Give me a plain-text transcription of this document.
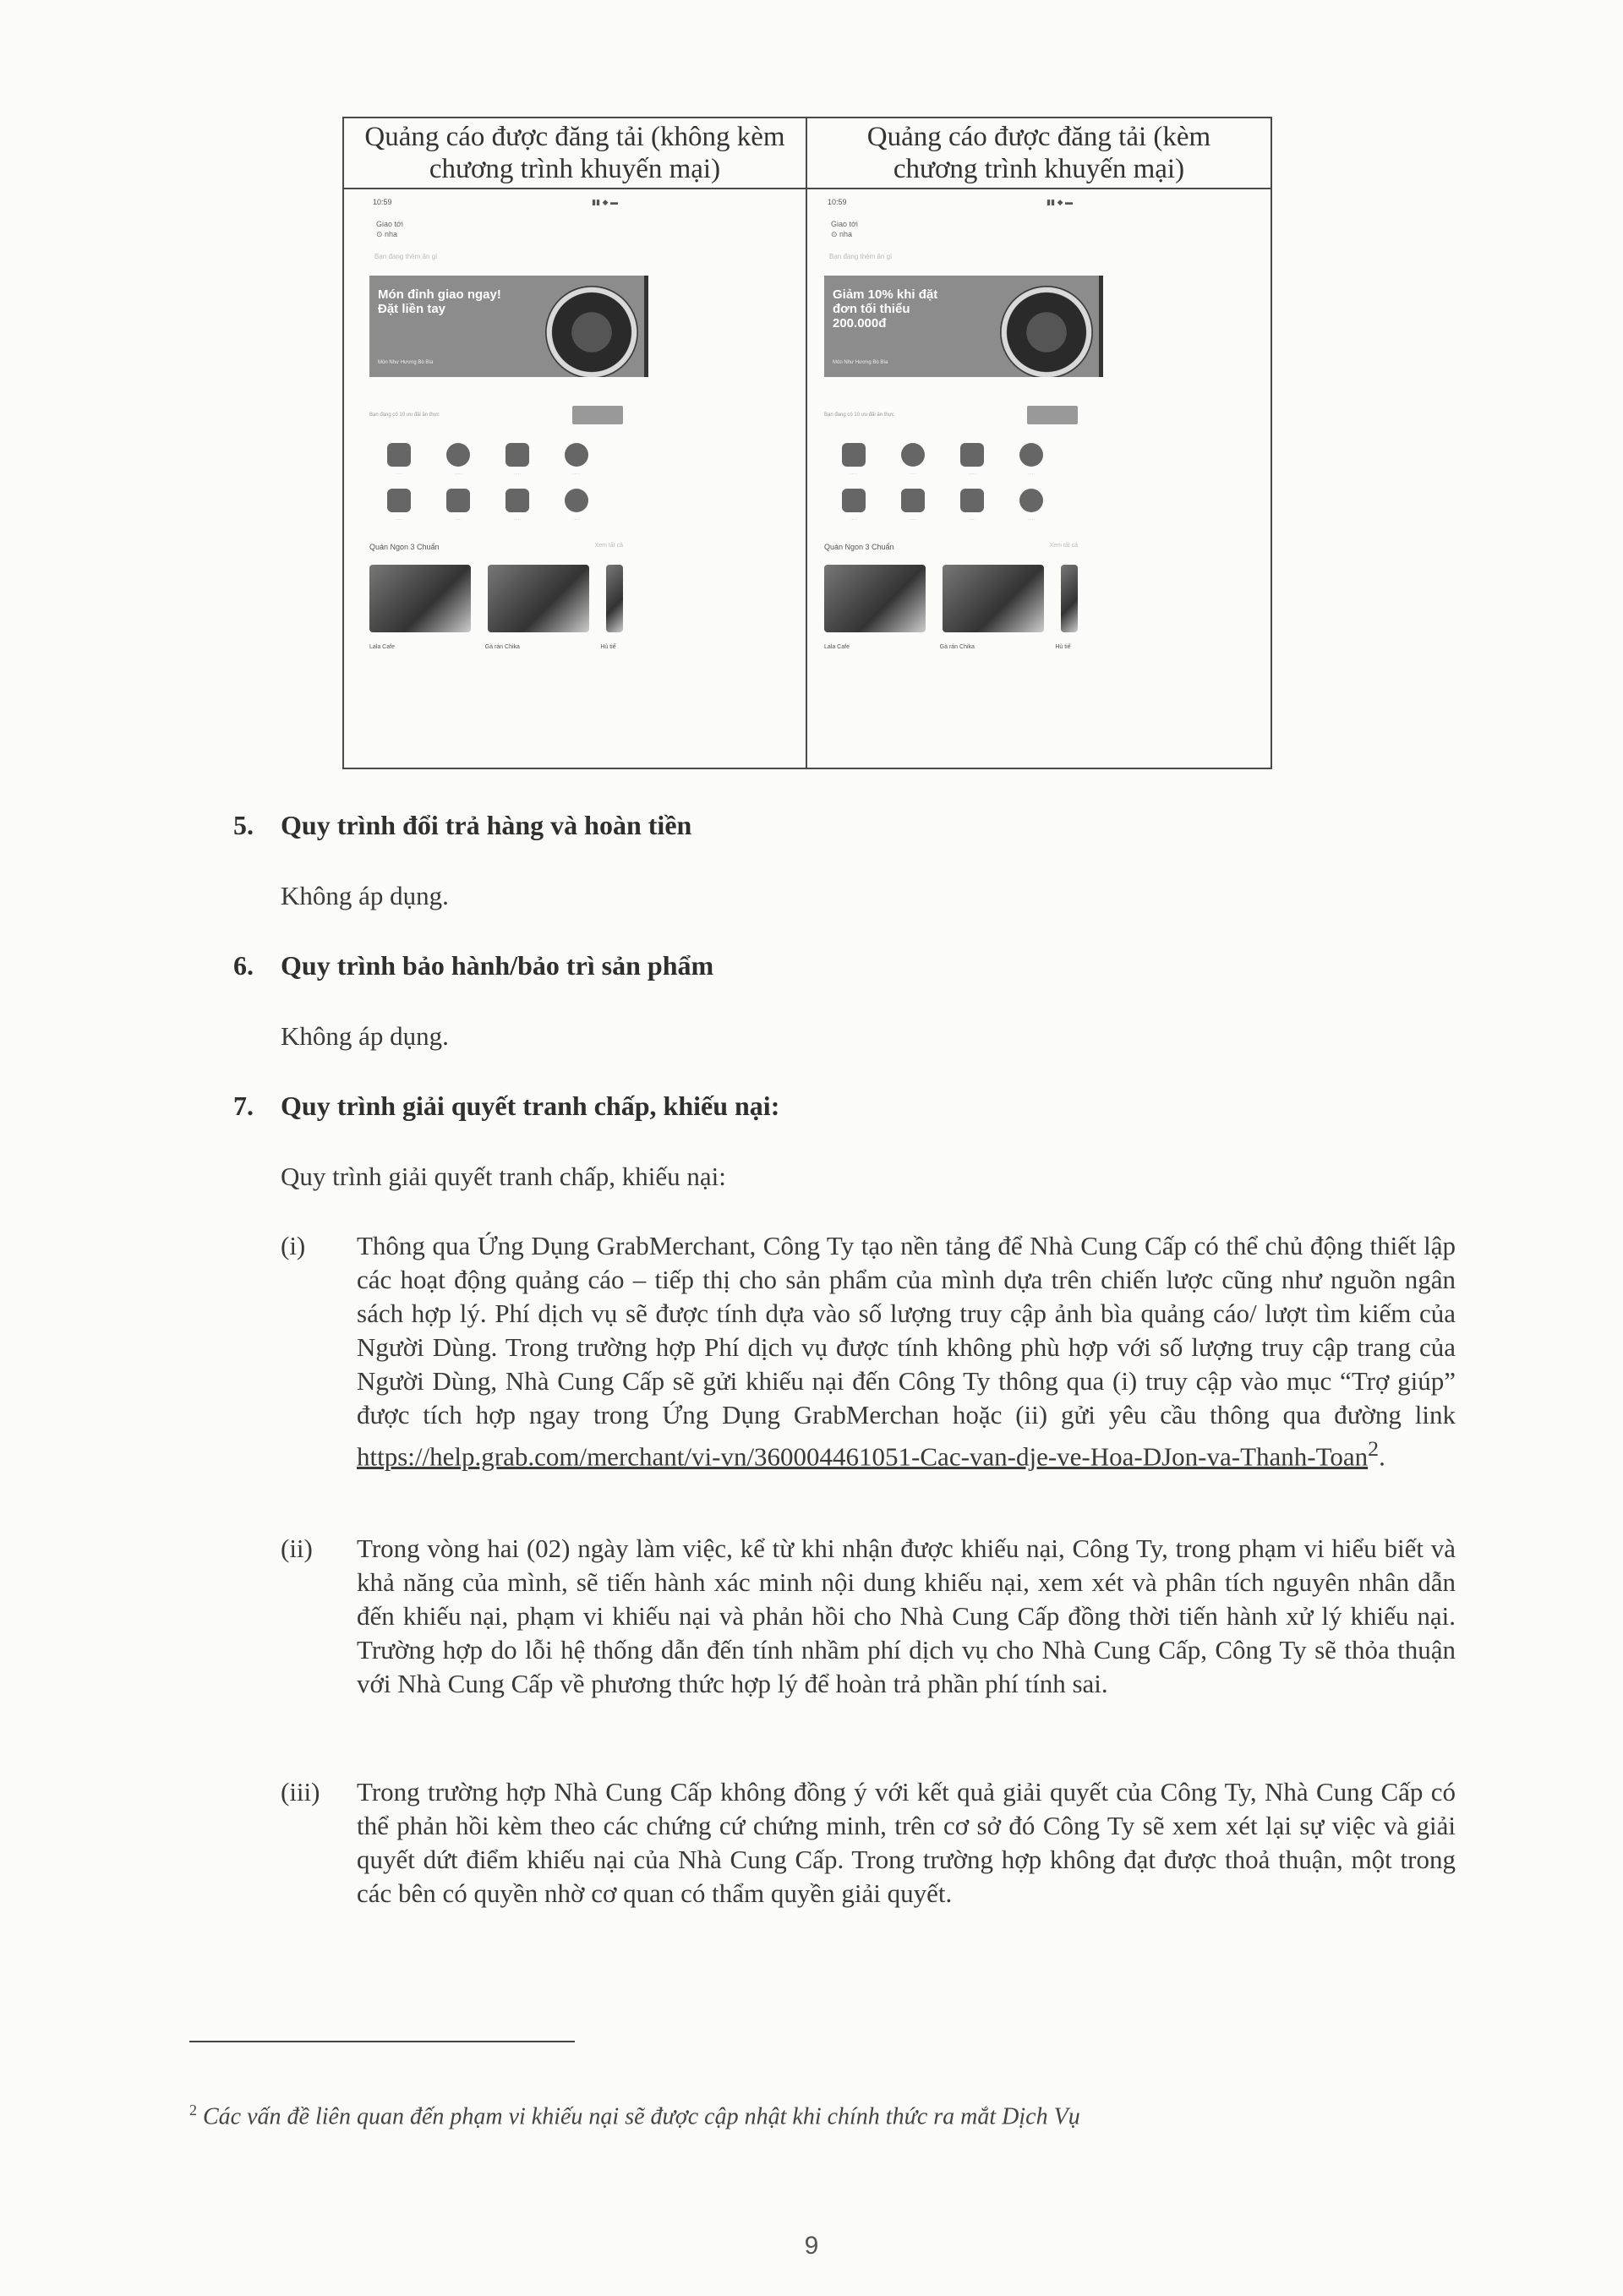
Quảng cáo được đăng tải (không kèm chương trình khuyến mại)
Quảng cáo được đăng tải (kèm chương trình khuyến mại)
10:59	▮▮ ◆ ▬
Giao tới
⊙ nha
Bạn đang thèm ăn gì
Món đỉnh giao ngay! Đặt liền tay
Món Như Hương Bò Bía
Bạn đang có 10 ưu đãi ăn thực
·····	·····	·····	·····
·····	·····	·····	·····
Quán Ngon 3 Chuẩn	Xem tất cả
Lala Cafe	Gà rán Chika	Hủ tiế
10:59	▮▮ ◆ ▬
Giao tới
⊙ nha
Bạn đang thèm ăn gì
Giảm 10% khi đặt đơn tối thiểu 200.000đ
Món Như Hương Bò Bía
Bạn đang có 10 ưu đãi ăn thực
·····	·····	·····	·····
·····	·····	·····	·····
Quán Ngon 3 Chuẩn	Xem tất cả
Lala Cafe	Gà rán Chika	Hủ tiế
5. Quy trình đổi trả hàng và hoàn tiền
Không áp dụng.
6. Quy trình bảo hành/bảo trì sản phẩm
Không áp dụng.
7. Quy trình giải quyết tranh chấp, khiếu nại:
Quy trình giải quyết tranh chấp, khiếu nại:
(i)	Thông qua Ứng Dụng GrabMerchant, Công Ty tạo nền tảng để Nhà Cung Cấp có thể chủ động thiết lập các hoạt động quảng cáo – tiếp thị cho sản phẩm của mình dựa trên chiến lược cũng như nguồn ngân sách hợp lý. Phí dịch vụ sẽ được tính dựa vào số lượng truy cập ảnh bìa quảng cáo/ lượt tìm kiếm của Người Dùng. Trong trường hợp Phí dịch vụ được tính không phù hợp với số lượng truy cập trang của Người Dùng, Nhà Cung Cấp sẽ gửi khiếu nại đến Công Ty thông qua (i) truy cập vào mục “Trợ giúp” được tích hợp ngay trong Ứng Dụng GrabMerchan hoặc (ii) gửi yêu cầu thông qua đường link https://help.grab.com/merchant/vi-vn/360004461051-Cac-van-dje-ve-Hoa-DJon-va-Thanh-Toan$^2$.
(ii)	Trong vòng hai (02) ngày làm việc, kể từ khi nhận được khiếu nại, Công Ty, trong phạm vi hiểu biết và khả năng của mình, sẽ tiến hành xác minh nội dung khiếu nại, xem xét và phân tích nguyên nhân dẫn đến khiếu nại, phạm vi khiếu nại và phản hồi cho Nhà Cung Cấp đồng thời tiến hành xử lý khiếu nại. Trường hợp do lỗi hệ thống dẫn đến tính nhầm phí dịch vụ cho Nhà Cung Cấp, Công Ty sẽ thỏa thuận với Nhà Cung Cấp về phương thức hợp lý để hoàn trả phần phí tính sai.
(iii)	Trong trường hợp Nhà Cung Cấp không đồng ý với kết quả giải quyết của Công Ty, Nhà Cung Cấp có thể phản hồi kèm theo các chứng cứ chứng minh, trên cơ sở đó Công Ty sẽ xem xét lại sự việc và giải quyết dứt điểm khiếu nại của Nhà Cung Cấp. Trong trường hợp không đạt được thoả thuận, một trong các bên có quyền nhờ cơ quan có thẩm quyền giải quyết.
$^2$ Các vấn đề liên quan đến phạm vi khiếu nại sẽ được cập nhật khi chính thức ra mắt Dịch Vụ
9
